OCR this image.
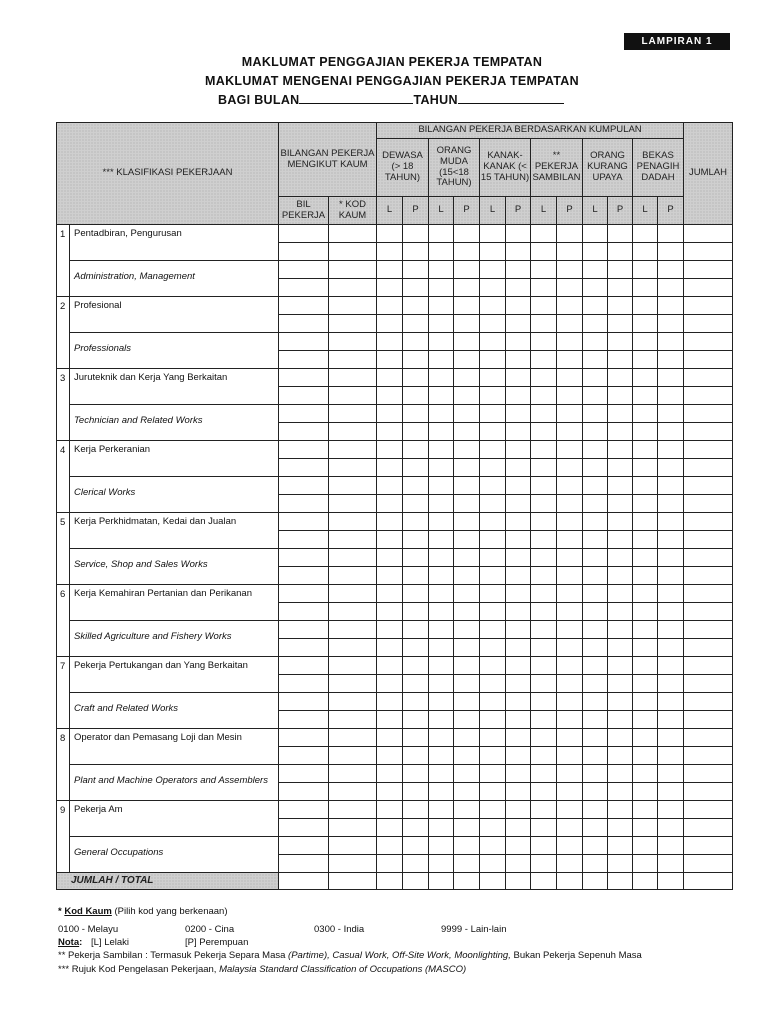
LAMPIRAN 1
MAKLUMAT PENGGAJIAN PEKERJA TEMPATAN
MAKLUMAT MENGENAI PENGGAJIAN PEKERJA TEMPATAN
BAGI BULAN	TAHUN
*** KLASIFIKASI PEKERJAAN		BILANGAN PEKERJA MENGIKUT KAUM		BILANGAN PEKERJA BERDASARKAN KUMPULAN												JUMLAH
				DEWASA (> 18 TAHUN)		ORANG MUDA (15<18 TAHUN)		KANAK-KANAK (< 15 TAHUN)		** PEKERJA SAMBILAN		ORANG KURANG UPAYA		BEKAS PENAGIH DADAH		
		BIL PEKERJA	* KOD KAUM	L	P	L	P	L	P	L	P	L	P	L	P	
1	Pentadbiran, Pengurusan															

	Administration, Management															

2	Profesional															

	Professionals															

3	Juruteknik dan Kerja Yang Berkaitan															

	Technician and Related Works															

4	Kerja Perkeranian															

	Clerical Works															

5	Kerja Perkhidmatan, Kedai dan Jualan															

	Service, Shop and Sales Works															

6	Kerja Kemahiran Pertanian dan Perikanan															

	Skilled Agriculture and Fishery Works															

7	Pekerja Pertukangan dan Yang Berkaitan															

	Craft and Related Works															

8	Operator dan Pemasang Loji dan Mesin															

	Plant and Machine Operators and Assemblers															

9	Pekerja Am															

	General Occupations															

JUMLAH / TOTAL																
* Kod Kaum (Pilih kod yang berkenaan)
0100 - Melayu	0200 - Cina	0300 - India	9999 - Lain-lain
Nota: [L] Lelaki	[P] Perempuan
** Pekerja Sambilan : Termasuk Pekerja Separa Masa (Partime), Casual Work, Off-Site Work, Moonlighting, Bukan Pekerja Sepenuh Masa
*** Rujuk Kod Pengelasan Pekerjaan, Malaysia Standard Classification of Occupations (MASCO)
